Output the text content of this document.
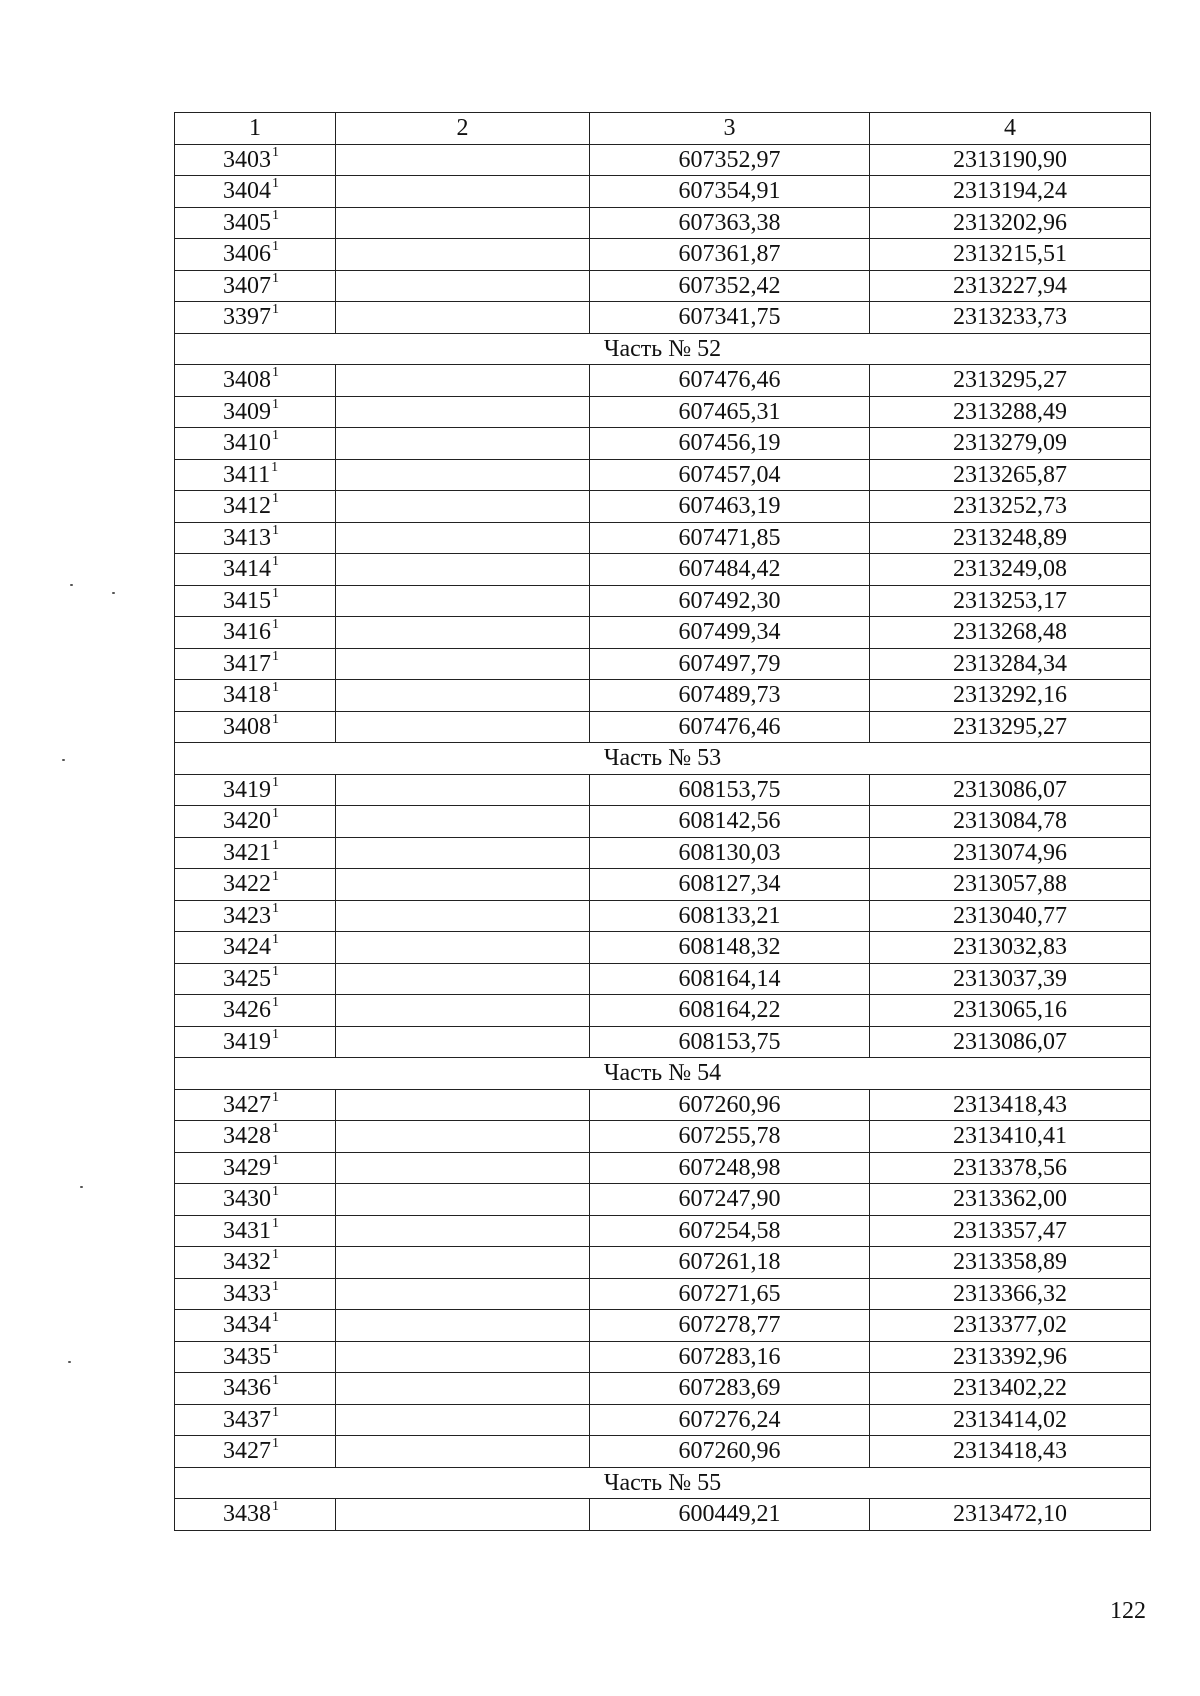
1	2	3	4
3403$^1$		607352,97	2313190,90
3404$^1$		607354,91	2313194,24
3405$^1$		607363,38	2313202,96
3406$^1$		607361,87	2313215,51
3407$^1$		607352,42	2313227,94
3397$^1$		607341,75	2313233,73
Часть № 52			
3408$^1$		607476,46	2313295,27
3409$^1$		607465,31	2313288,49
3410$^1$		607456,19	2313279,09
3411$^1$		607457,04	2313265,87
3412$^1$		607463,19	2313252,73
3413$^1$		607471,85	2313248,89
3414$^1$		607484,42	2313249,08
3415$^1$		607492,30	2313253,17
3416$^1$		607499,34	2313268,48
3417$^1$		607497,79	2313284,34
3418$^1$		607489,73	2313292,16
3408$^1$		607476,46	2313295,27
Часть № 53			
3419$^1$		608153,75	2313086,07
3420$^1$		608142,56	2313084,78
3421$^1$		608130,03	2313074,96
3422$^1$		608127,34	2313057,88
3423$^1$		608133,21	2313040,77
3424$^1$		608148,32	2313032,83
3425$^1$		608164,14	2313037,39
3426$^1$		608164,22	2313065,16
3419$^1$		608153,75	2313086,07
Часть № 54			
3427$^1$		607260,96	2313418,43
3428$^1$		607255,78	2313410,41
3429$^1$		607248,98	2313378,56
3430$^1$		607247,90	2313362,00
3431$^1$		607254,58	2313357,47
3432$^1$		607261,18	2313358,89
3433$^1$		607271,65	2313366,32
3434$^1$		607278,77	2313377,02
3435$^1$		607283,16	2313392,96
3436$^1$		607283,69	2313402,22
3437$^1$		607276,24	2313414,02
3427$^1$		607260,96	2313418,43
Часть № 55			
3438$^1$		600449,21	2313472,10
122
